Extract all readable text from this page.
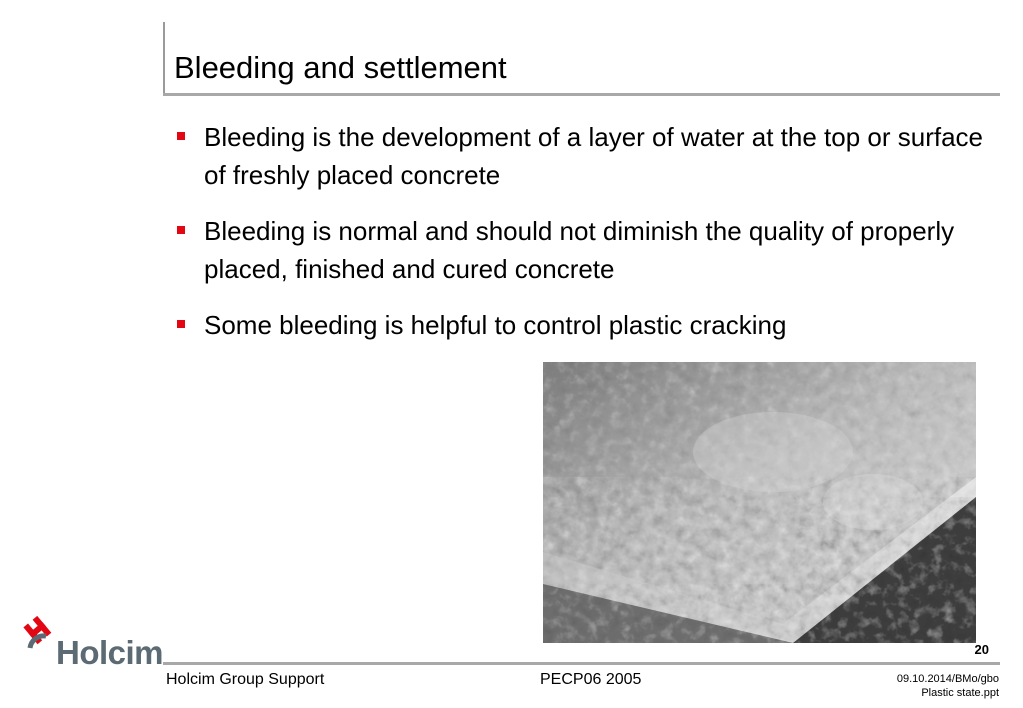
Bleeding and settlement
Bleeding is the development of a layer of water at the top or surface of freshly placed concrete
Bleeding is normal and should not diminish the quality of properly placed, finished and cured concrete
Some bleeding is helpful to control plastic cracking
Holcim	20
Holcim Group Support	PECP06 2005	09.10.2014/BMo/gbo
Plastic state.ppt
